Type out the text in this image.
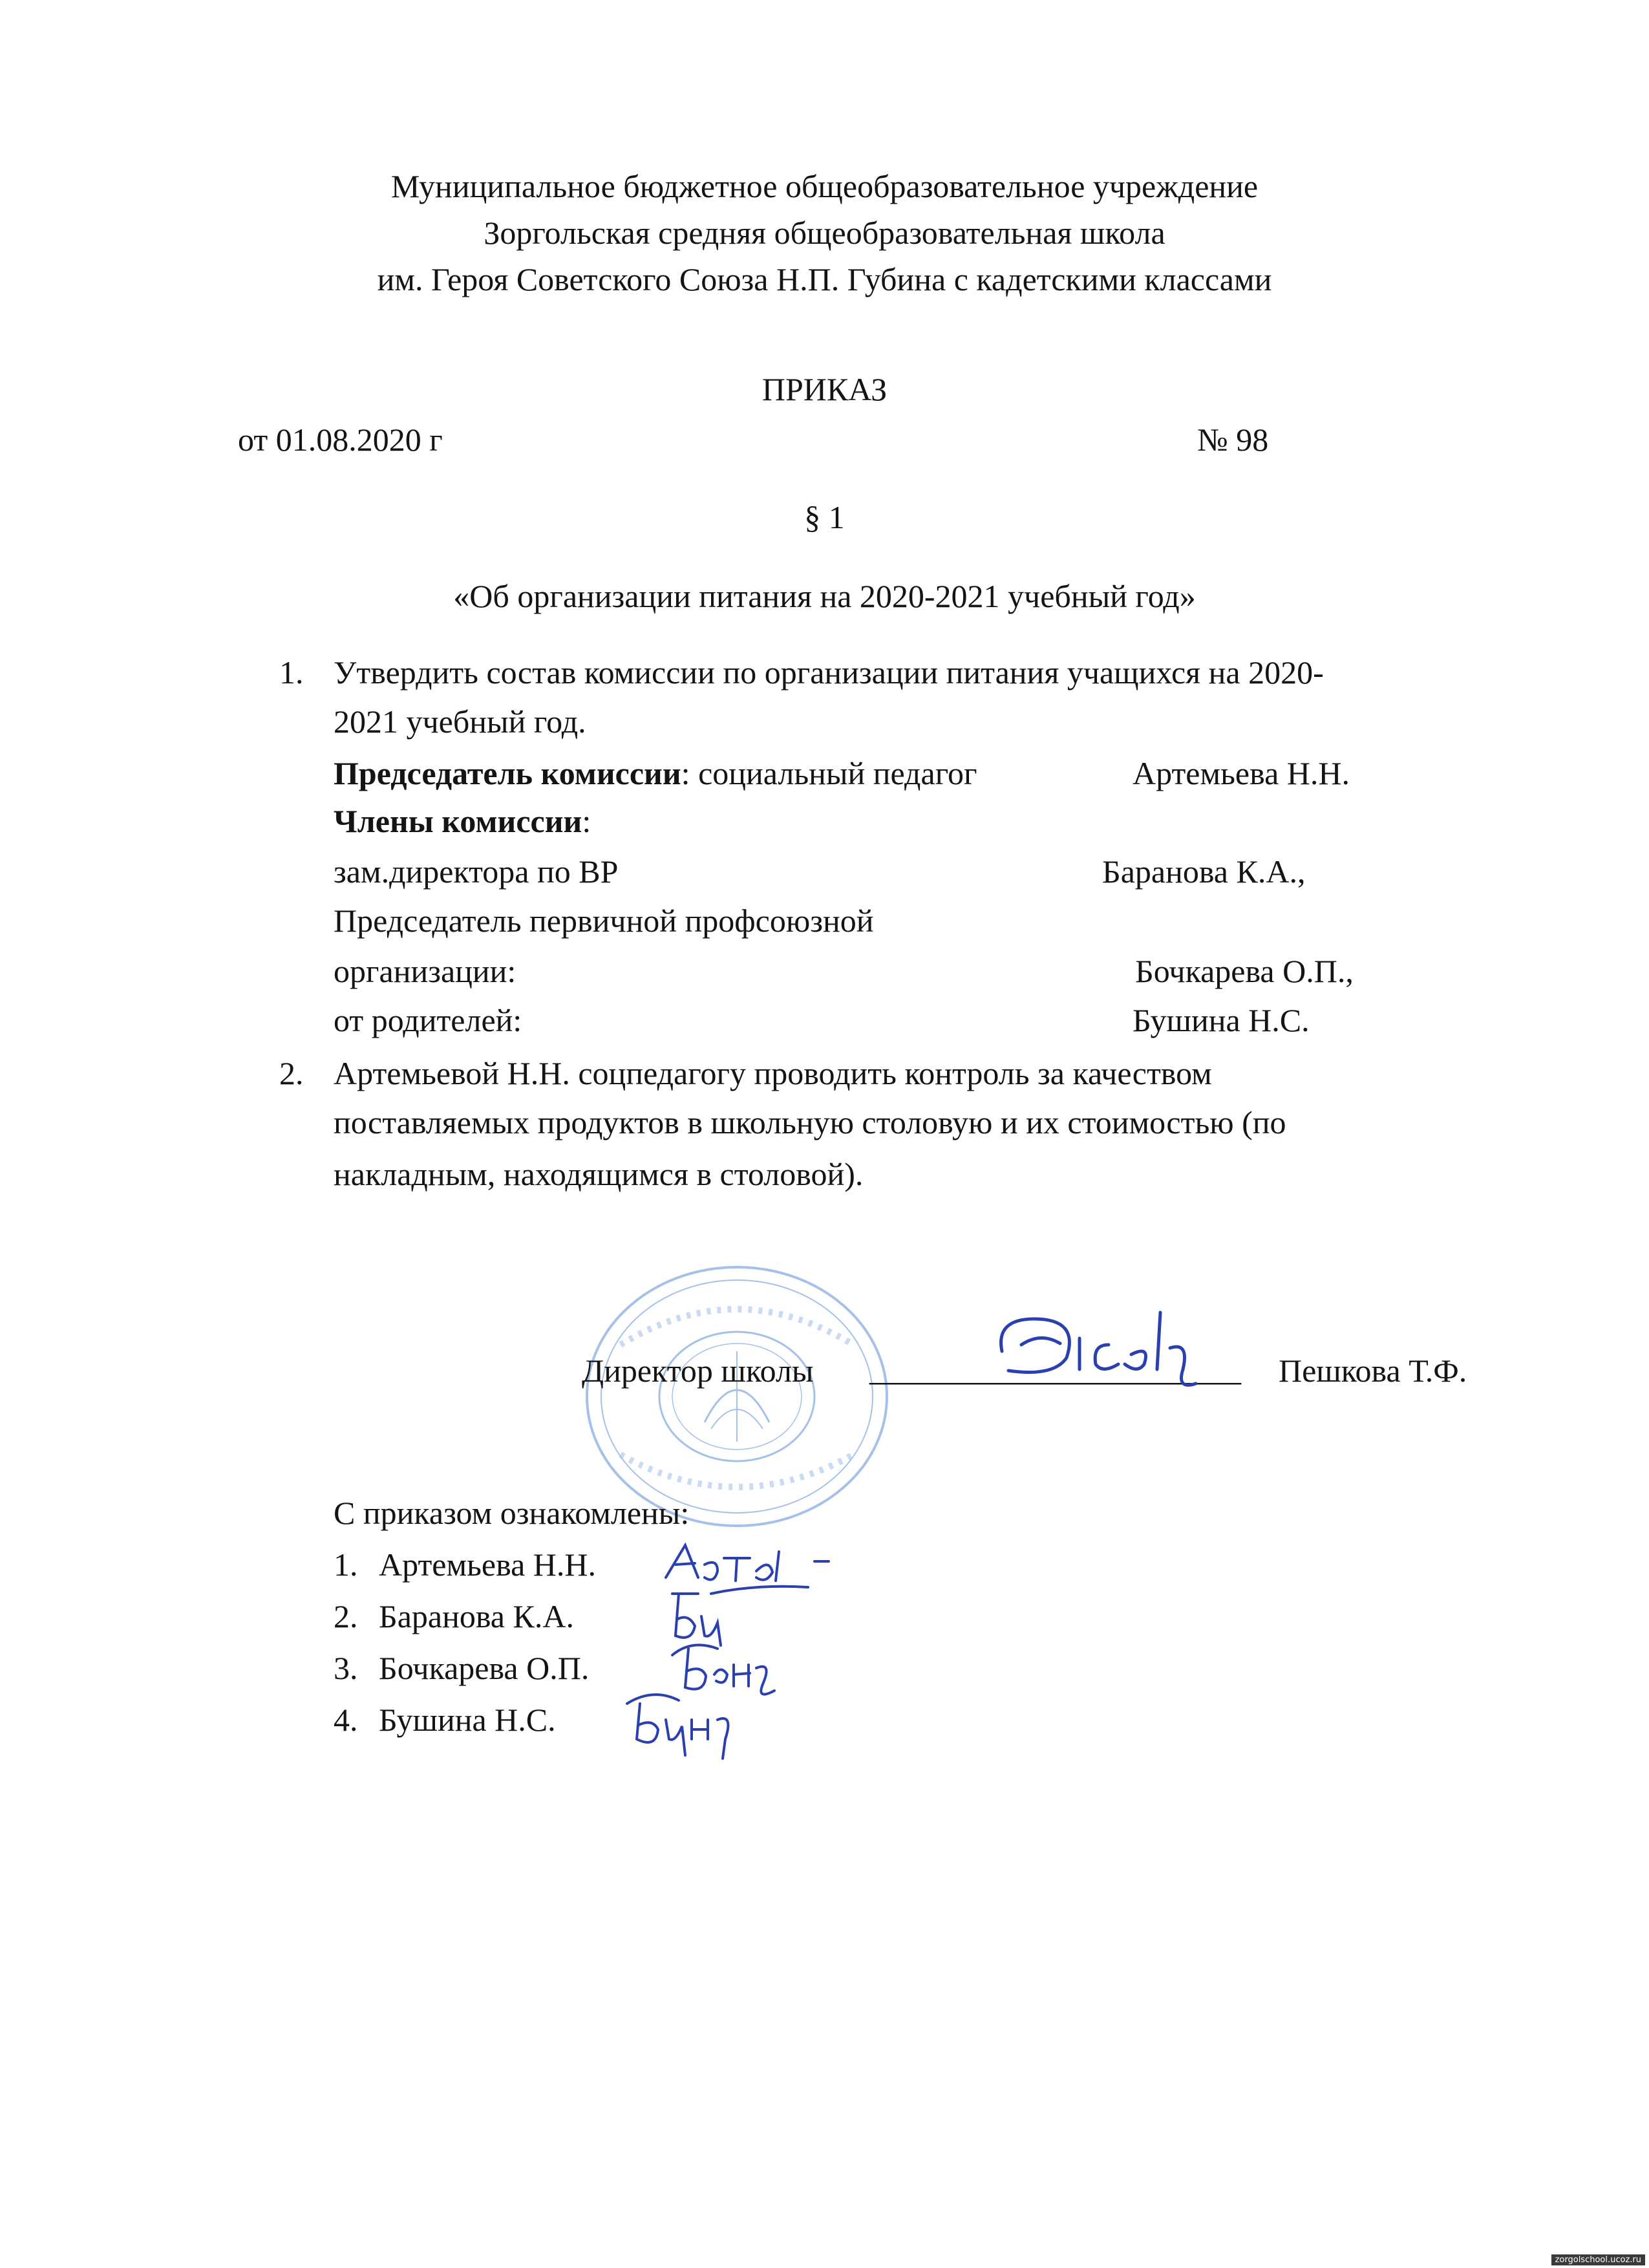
Муниципальное бюджетное общеобразовательное учреждение
Зоргольская средняя общеобразовательная школа
им. Героя Советского Союза Н.П. Губина с кадетскими классами
ПРИКАЗ
от 01.08.2020 г	№ 98
§ 1
«Об организации питания на 2020-2021 учебный год»
1. Утвердить состав комиссии по организации питания учащихся на 2020-
2021 учебный год.
Председатель комиссии: социальный педагог	Артемьева Н.Н.
Члены комиссии:
зам.директора по ВР	Баранова К.А.,
Председатель первичной профсоюзной
организации:	Бочкарева О.П.,
от родителей:	Бушина Н.С.
2. Артемьевой Н.Н. соцпедагогу проводить контроль за качеством
поставляемых продуктов в школьную столовую и их стоимостью (по
накладным, находящимся в столовой).
Директор школы _______________________ Пешкова Т.Ф.
С приказом ознакомлены:
1. Артемьева Н.Н.
2. Баранова К.А.
3. Бочкарева О.П.
4. Бушина Н.С.
zorgolschool.ucoz.ru
